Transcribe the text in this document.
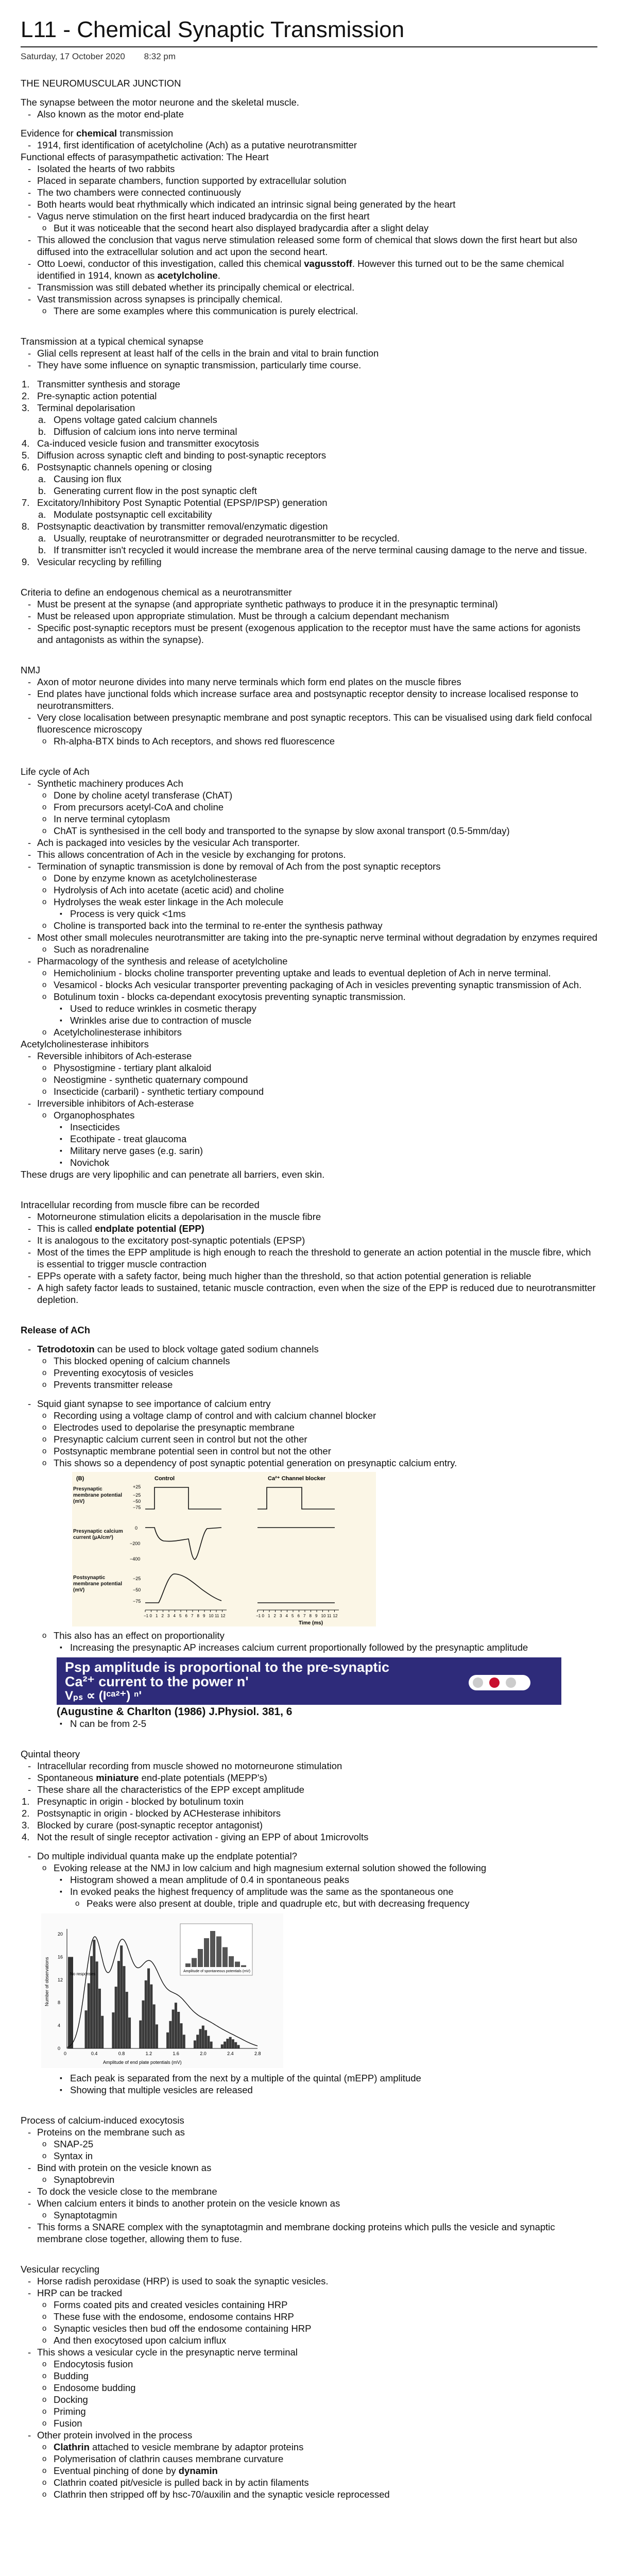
L11 - Chemical Synaptic Transmission
Saturday, 17 October 2020 8:32 pm

THE NEUROMUSCULAR JUNCTION

The synapse between the motor neurone and the skeletal muscle.

- Also known as the motor end-plate

Evidence for chemical transmission

- 1914, first identification of acetylcholine (Ach) as a putative neurotransmitter

Functional effects of parasympathetic activation: The Heart

- Isolated the hearts of two rabbits
- Placed in separate chambers, function supported by extracellular solution
- The two chambers were connected continuously
- Both hearts would beat rhythmically which indicated an intrinsic signal being generated by the heart
- Vagus nerve stimulation on the first heart induced bradycardia on the first heart
o But it was noticeable that the second heart also displayed bradycardia after a slight delay
- This allowed the conclusion that vagus nerve stimulation released some form of chemical that slows down the first heart but also diffused into the extracellular solution and act upon the second heart.
- Otto Loewi, conductor of this investigation, called this chemical vagusstoff. However this turned out to be the same chemical identified in 1914, known as acetylcholine.
- Transmission was still debated whether its principally chemical or electrical.
- Vast transmission across synapses is principally chemical.
o There are some examples where this communication is purely electrical.

Transmission at a typical chemical synapse

- Glial cells represent at least half of the cells in the brain and vital to brain function
- They have some influence on synaptic transmission, particularly time course.
1. Transmitter synthesis and storage
2. Pre-synaptic action potential
3. Terminal depolarisation
a. Opens voltage gated calcium channels
b. Diffusion of calcium ions into nerve terminal
4. Ca-induced vesicle fusion and transmitter exocytosis
5. Diffusion across synaptic cleft and binding to post-synaptic receptors
6. Postsynaptic channels opening or closing
a. Causing ion flux
b. Generating current flow in the post synaptic cleft
7. Excitatory/Inhibitory Post Synaptic Potential (EPSP/IPSP) generation
a. Modulate postsynaptic cell excitability
8. Postsynaptic deactivation by transmitter removal/enzymatic digestion
a. Usually, reuptake of neurotransmitter or degraded neurotransmitter to be recycled.
b. If transmitter isn't recycled it would increase the membrane area of the nerve terminal causing damage to the nerve and tissue.
9. Vesicular recycling by refilling

Criteria to define an endogenous chemical as a neurotransmitter

- Must be present at the synapse (and appropriate synthetic pathways to produce it in the presynaptic terminal)
- Must be released upon appropriate stimulation. Must be through a calcium dependant mechanism
- Specific post-synaptic receptors must be present (exogenous application to the receptor must have the same actions for agonists and antagonists as within the synapse).

NMJ

- Axon of motor neurone divides into many nerve terminals which form end plates on the muscle fibres
- End plates have junctional folds which increase surface area and postsynaptic receptor density to increase localised response to neurotransmitters.
- Very close localisation between presynaptic membrane and post synaptic receptors. This can be visualised using dark field confocal fluorescence microscopy
o Rh-alpha-BTX binds to Ach receptors, and shows red fluorescence

Life cycle of Ach

- Synthetic machinery produces Ach
o Done by choline acetyl transferase (ChAT)
o From precursors acetyl-CoA and choline
o In nerve terminal cytoplasm
o ChAT is synthesised in the cell body and transported to the synapse by slow axonal transport (0.5-5mm/day)
- Ach is packaged into vesicles by the vesicular Ach transporter.
- This allows concentration of Ach in the vesicle by exchanging for protons.
- Termination of synaptic transmission is done by removal of Ach from the post synaptic receptors
o Done by enzyme known as acetylcholinesterase
o Hydrolysis of Ach into acetate (acetic acid) and choline
o Hydrolyses the weak ester linkage in the Ach molecule
▪ Process is very quick <1ms
o Choline is transported back into the terminal to re-enter the synthesis pathway
- Most other small molecules neurotransmitter are taking into the pre-synaptic nerve terminal without degradation by enzymes required
o Such as noradrenaline
- Pharmacology of the synthesis and release of acetylcholine
o Hemicholinium - blocks choline transporter preventing uptake and leads to eventual depletion of Ach in nerve terminal.
o Vesamicol - blocks Ach vesicular transporter preventing packaging of Ach in vesicles preventing synaptic transmission of Ach.
o Botulinum toxin - blocks ca-dependant exocytosis preventing synaptic transmission.
▪ Used to reduce wrinkles in cosmetic therapy
▪ Wrinkles arise due to contraction of muscle
o Acetylcholinesterase inhibitors

Acetylcholinesterase inhibitors

- Reversible inhibitors of Ach-esterase
o Physostigmine - tertiary plant alkaloid
o Neostigmine - synthetic quaternary compound
o Insecticide (carbaril) - synthetic tertiary compound
- Irreversible inhibitors of Ach-esterase
o Organophosphates
▪ Insecticides
▪ Ecothipate - treat glaucoma
▪ Military nerve gases (e.g. sarin)
▪ Novichok

These drugs are very lipophilic and can penetrate all barriers, even skin.

Intracellular recording from muscle fibre can be recorded

- Motorneurone stimulation elicits a depolarisation in the muscle fibre
- This is called endplate potential (EPP)
- It is analogous to the excitatory post-synaptic potentials (EPSP)
- Most of the times the EPP amplitude is high enough to reach the threshold to generate an action potential in the muscle fibre, which is essential to trigger muscle contraction
- EPPs operate with a safety factor, being much higher than the threshold, so that action potential generation is reliable
- A high safety factor leads to sustained, tetanic muscle contraction, even when the size of the EPP is reduced due to neurotransmitter depletion.

Release of ACh

- Tetrodotoxin can be used to block voltage gated sodium channels
o This blocked opening of calcium channels
o Preventing exocytosis of vesicles
o Prevents transmitter release
- Squid giant synapse to see importance of calcium entry
o Recording using a voltage clamp of control and with calcium channel blocker
o Electrodes used to depolarise the presynaptic membrane
o Presynaptic calcium current seen in control but not the other
o Postsynaptic membrane potential seen in control but not the other
o This shows so a dependency of post synaptic potential generation on presynaptic calcium entry.
(B)	Control	Ca²⁺ Channel blocker
Presynaptic membrane potential (mV)
Presynaptic calcium current (μA/cm²)
Postsynaptic membrane potential (mV)
+25
−25
−50
−75
0
−200
−400
−25
−50
−75
−1 0 1 2 3 4 5 6 7 8 9 10 11 12	−1 0 1 2 3 4 5 6 7 8 9 10 11 12
Time (ms)
o This also has an effect on proportionality
▪ Increasing the presynaptic AP increases calcium current proportionally followed by the presynaptic amplitude
Psp amplitude is proportional to the pre-synaptic
Ca²⁺ current to the power n'
Vₚₛ ∝ (Iᶜᵃ²⁺) ⁿ'

(Augustine & Charlton (1986) J.Physiol. 381, 6

▪ N can be from 2-5

Quintal theory

- Intracellular recording from muscle showed no motorneurone stimulation
- Spontaneous miniature end-plate potentials (MEPP's)
- These share all the characteristics of the EPP except amplitude
1. Presynaptic in origin - blocked by botulinum toxin
2. Postsynaptic in origin - blocked by ACHesterase inhibitors
3. Blocked by curare (post-synaptic receptor antagonist)
4. Not the result of single receptor activation - giving an EPP of about 1microvolts
- Do multiple individual quanta make up the endplate potential?
o Evoking release at the NMJ in low calcium and high magnesium external solution showed the following
▪ Histogram showed a mean amplitude of 0.4 in spontaneous peaks
▪ In evoked peaks the highest frequency of amplitude was the same as the spontaneous one
o Peaks were also present at double, triple and quadruple etc, but with decreasing frequency
0	0.4	0.8	1.2	1.6	2.0	2.4	2.8
0
4
8
12
16
20
Number of observations
Amplitude of end plate potentials (mV)
No responses
Amplitude of spontaneous potentials (mV)
▪ Each peak is separated from the next by a multiple of the quintal (mEPP) amplitude
▪ Showing that multiple vesicles are released

Process of calcium-induced exocytosis

- Proteins on the membrane such as
o SNAP-25
o Syntax in
- Bind with protein on the vesicle known as
o Synaptobrevin
- To dock the vesicle close to the membrane
- When calcium enters it binds to another protein on the vesicle known as
o Synaptotagmin
- This forms a SNARE complex with the synaptotagmin and membrane docking proteins which pulls the vesicle and synaptic membrane close together, allowing them to fuse.

Vesicular recycling

- Horse radish peroxidase (HRP) is used to soak the synaptic vesicles.
- HRP can be tracked
o Forms coated pits and created vesicles containing HRP
o These fuse with the endosome, endosome contains HRP
o Synaptic vesicles then bud off the endosome containing HRP
o And then exocytosed upon calcium influx
- This shows a vesicular cycle in the presynaptic nerve terminal
o Endocytosis fusion
o Budding
o Endosome budding
o Docking
o Priming
o Fusion
- Other protein involved in the process
o Clathrin attached to vesicle membrane by adaptor proteins
o Polymerisation of clathrin causes membrane curvature
o Eventual pinching of done by dynamin
o Clathrin coated pit/vesicle is pulled back in by actin filaments
o Clathrin then stripped off by hsc-70/auxilin and the synaptic vesicle reprocessed
